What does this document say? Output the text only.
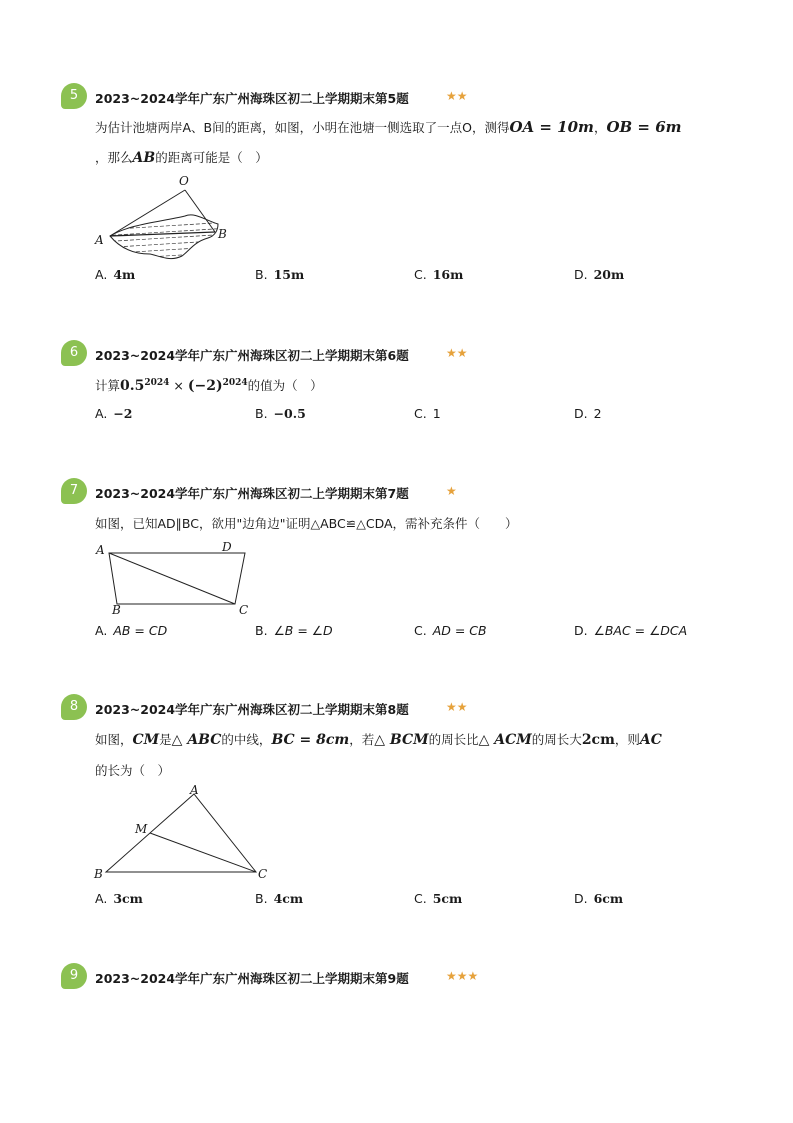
5	2023~2024学年广东广州海珠区初二上学期期末第5题	★★
为估计池塘两岸A、B间的距离，如图，小明在池塘一侧选取了一点O，测得OA = 10m，OB = 6m
，那么AB的距离可能是（　）
O
A	B
A. 4m	B. 15m	C. 16m	D. 20m
6	2023~2024学年广东广州海珠区初二上学期期末第6题	★★
计算$0.5^{2024} \times (-2)^{2024}$的值为（　）
A. −2	B. −0.5	C. 1	D. 2
7	2023~2024学年广东广州海珠区初二上学期期末第7题	★
如图，已知AD∥BC，欲用"边角边"证明△ABC≌△CDA，需补充条件（　　）
A	D
B	C
A. AB = CD	B. ∠B = ∠D	C. AD = CB	D. ∠BAC = ∠DCA
8	2023~2024学年广东广州海珠区初二上学期期末第8题	★★
如图，CM是△ ABC的中线，BC = 8cm，若△ BCM的周长比△ ACM的周长大2cm，则AC
的长为（　）
A
M
B	C
A. 3cm	B. 4cm	C. 5cm	D. 6cm
9	2023~2024学年广东广州海珠区初二上学期期末第9题	★★★
